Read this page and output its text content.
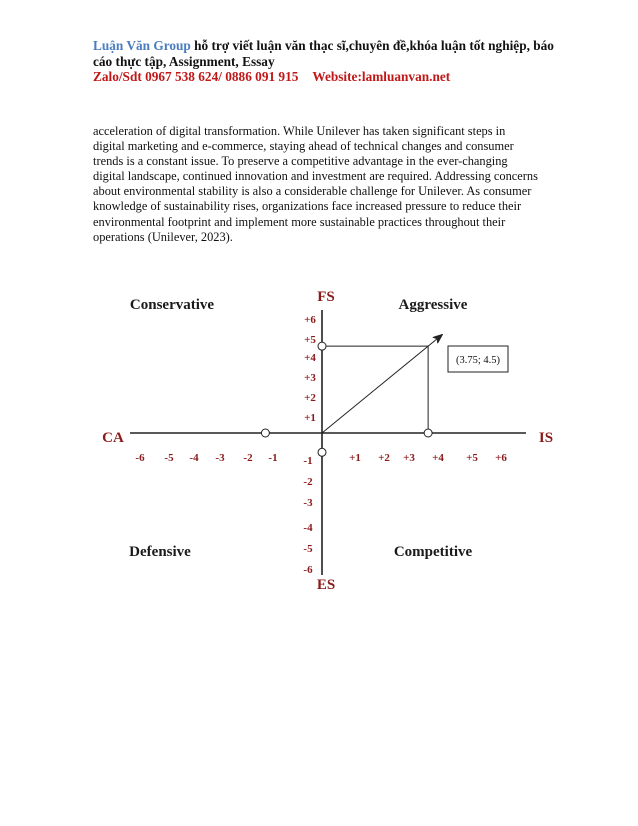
Luận Văn Group hỗ trợ viết luận văn thạc sĩ,chuyên đề,khóa luận tốt nghiệp, báo cáo thực tập, Assignment, Essay
Zalo/Sdt 0967 538 624/ 0886 091 915 Website:lamluanvan.net

acceleration of digital transformation. While Unilever has taken significant steps in
digital marketing and e-commerce, staying ahead of technical changes and consumer
trends is a constant issue. To preserve a competitive advantage in the ever-changing
digital landscape, continued innovation and investment are required. Addressing concerns
about environmental stability is also a considerable challenge for Unilever. As consumer
knowledge of sustainability rises, organizations face increased pressure to reduce their
environmental footprint and implement more sustainable practices throughout their
operations (Unilever, 2023).

(3.75; 4.5)
FS
ES
CA	IS
Conservative	Aggressive
Defensive	Competitive
-6 -5 -4 -3 -2 -1	+1 +2 +3 +4 +5 +6
+6
+5
+4
+3
+2
+1
-1
-2
-3
-4
-5
-6
